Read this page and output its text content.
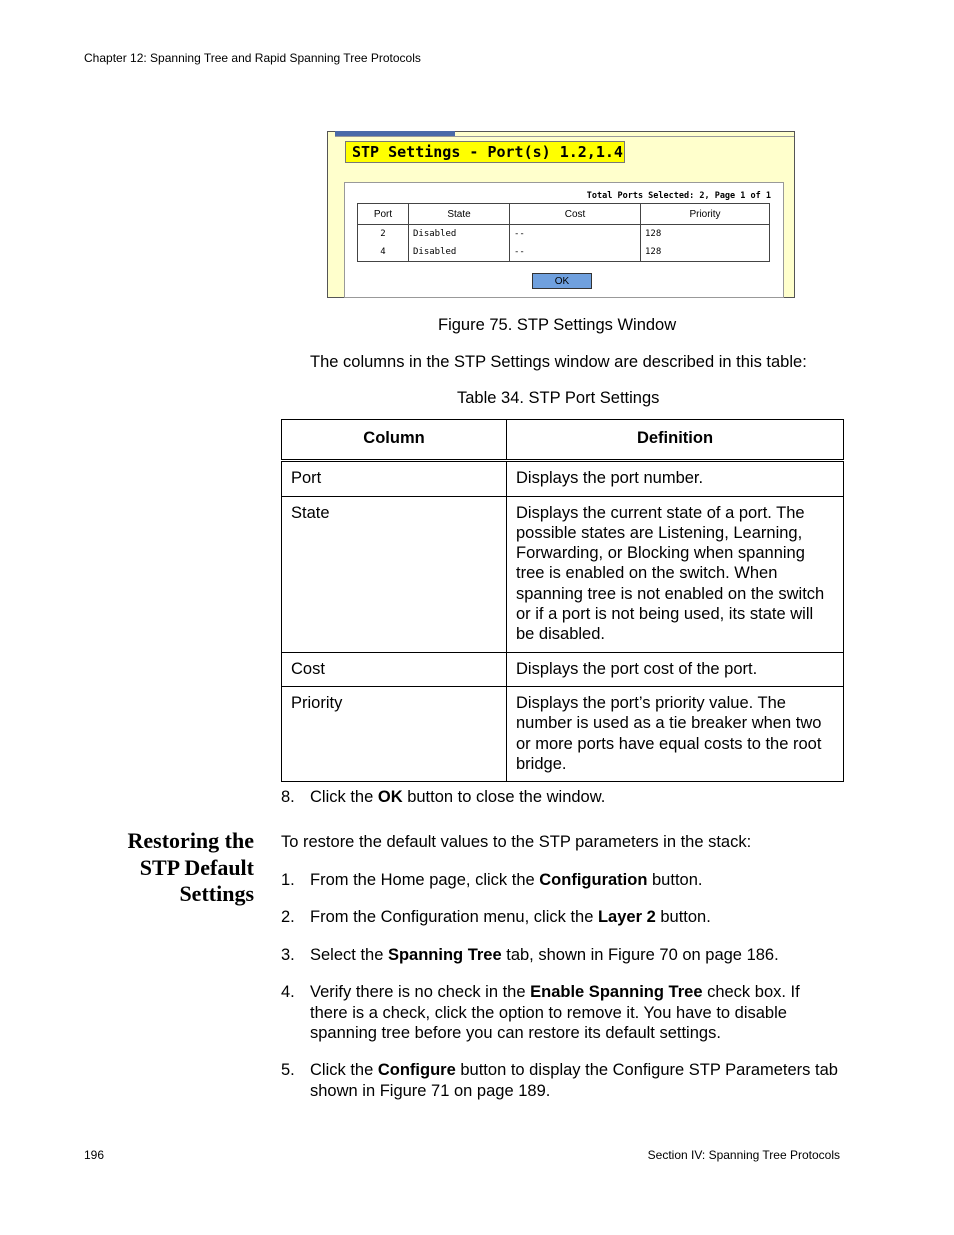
Chapter 12: Spanning Tree and Rapid Spanning Tree Protocols
STP Settings - Port(s) 1.2,1.4
Total Ports Selected: 2, Page 1 of 1
Port	State	Cost	Priority
2	Disabled	--	128
4	Disabled	--	128
OK
Figure 75. STP Settings Window
The columns in the STP Settings window are described in this table:
Table 34. STP Port Settings
Column	Definition
Port	Displays the port number.
State	Displays the current state of a port. The possible states are Listening, Learning, Forwarding, or Blocking when spanning tree is enabled on the switch. When spanning tree is not enabled on the switch or if a port is not being used, its state will be disabled.
Cost	Displays the port cost of the port.
Priority	Displays the port’s priority value. The number is used as a tie breaker when two or more ports have equal costs to the root bridge.
8. Click the OK button to close the window.
Restoring the
STP Default
Settings
To restore the default values to the STP parameters in the stack:
1. From the Home page, click the Configuration button.
2. From the Configuration menu, click the Layer 2 button.
3. Select the Spanning Tree tab, shown in Figure 70 on page 186.
4. Verify there is no check in the Enable Spanning Tree check box. If there is a check, click the option to remove it. You have to disable spanning tree before you can restore its default settings.
5. Click the Configure button to display the Configure STP Parameters tab shown in Figure 71 on page 189.
196	Section IV: Spanning Tree Protocols
